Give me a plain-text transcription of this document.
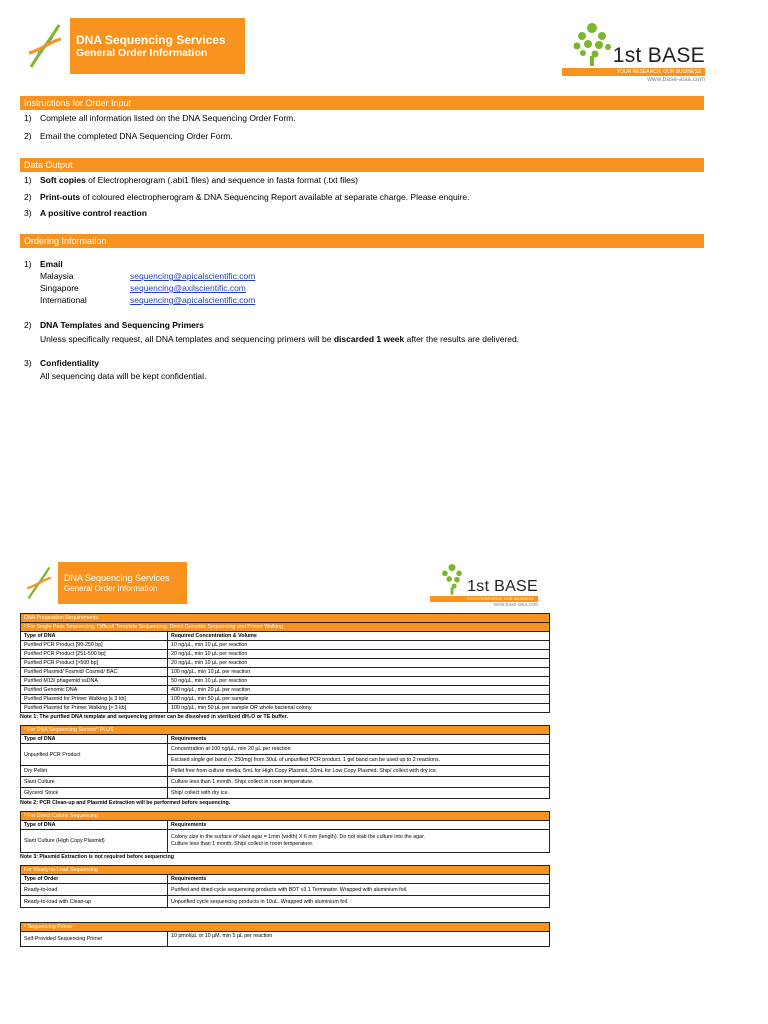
DNA Sequencing Services
General Order Information	1st BASE
YOUR RESEARCH, OUR BUSINESS
www.base-asia.com
Instructions for Order Input
1) Complete all information listed on the DNA Sequencing Order Form.
2) Email the completed DNA Sequencing Order Form.
Data Output
1) Soft copies of Electropherogram (.abi1 files) and sequence in fasta format (.txt files)
2) Print-outs of coloured electropherogram & DNA Sequencing Report available at separate charge. Please enquire.
3) A positive control reaction
Ordering Information
1) Email
Malaysia	sequencing@apicalscientific.com
Singapore	sequencing@axilscientific.com
International	sequencing@apicalscientific.com
2) DNA Templates and Sequencing Primers
Unless specifically request, all DNA templates and sequencing primers will be discarded 1 week after the results are delivered.
3) Confidentiality
All sequencing data will be kept confidential.
DNA Sequencing Services
General Order Information	1st BASE
YOUR RESEARCH, OUR BUSINESS
www.base-asia.com
DNA Preparation Requirements	
¹ For Single Pass Sequencing, Difficult Template Sequencing, Direct Genomic Sequencing and Primer Walking	
Type of DNA	Required Concentration & Volume
Purified PCR Product [90-250 bp]	10 ng/µL, min 10 µL per reaction
Purified PCR Product [251-500 bp]	20 ng/µL, min 10 µL per reaction
Purified PCR Product [>500 bp]	20 ng/µL, min 10 µL per reaction
Purified Plasmid/ Fosmid/ Cosmid/ BAC	100 ng/µL, min 10 µL per reaction
Purified M13/ phagemid ssDNA	50 ng/µL, min 10 µL per reaction
Purified Genomic DNA	400 ng/µL, min 20 µL per reaction
Purified Plasmid for Primer Walking [≤ 3 kb]	100 ng/µL, min 50 µL per sample
Purified Plasmid for Primer Walking [> 3 kb]	100 ng/µL, min 50 µL per sample OR whole bacterial colony
Note 1: The purified DNA template and sequencing primer can be dissolved in sterilized dH₂O or TE buffer.
² For DNA Sequencing Service* PLUS	
Type of DNA	Requirements
Unpurified PCR Product	Concentration at 100 ng/µL, min 20 µL per reaction
	Excised single gel band (< 250mg) from 30uL of unpurified PCR product. 1 gel band can be used up to 2 reactions.
Dry Pellet	Pellet free from culture media; 5mL for High Copy Plasmid, 10mL for Low Copy Plasmid. Ship/ collect with dry ice.
Slant Culture	Culture less than 1 month. Ship/ collect in room temperature.
Glycerol Stock	Ship/ collect with dry ice.
Note 2: PCR Clean-up and Plasmid Extraction will be performed before sequencing.
³ For Direct Colony Sequencing	
Type of DNA	Requirements
Slant Culture (High Copy Plasmid)	Colony size in the surface of slant agar = 1mm (width) X 6 mm (length). Do not stab the culture into the agar.
Culture less than 1 month. Ship/ collect in room temperature.
Note 3: Plasmid Extraction is not required before sequencing
For Ready-to-Load Sequencing	
Type of Order	Requirements
Ready-to-load	Purified and dried cycle sequencing products with BDT v3.1 Terminator. Wrapped with aluminium foil.
Ready-to-load with Clean-up	Unpurified cycle sequencing products in 10uL. Wrapped with aluminium foil.
⁴ Sequencing Primer
Self-Provided Sequencing Primer	10 pmol/µL or 10 µM, min 5 µL per reaction
